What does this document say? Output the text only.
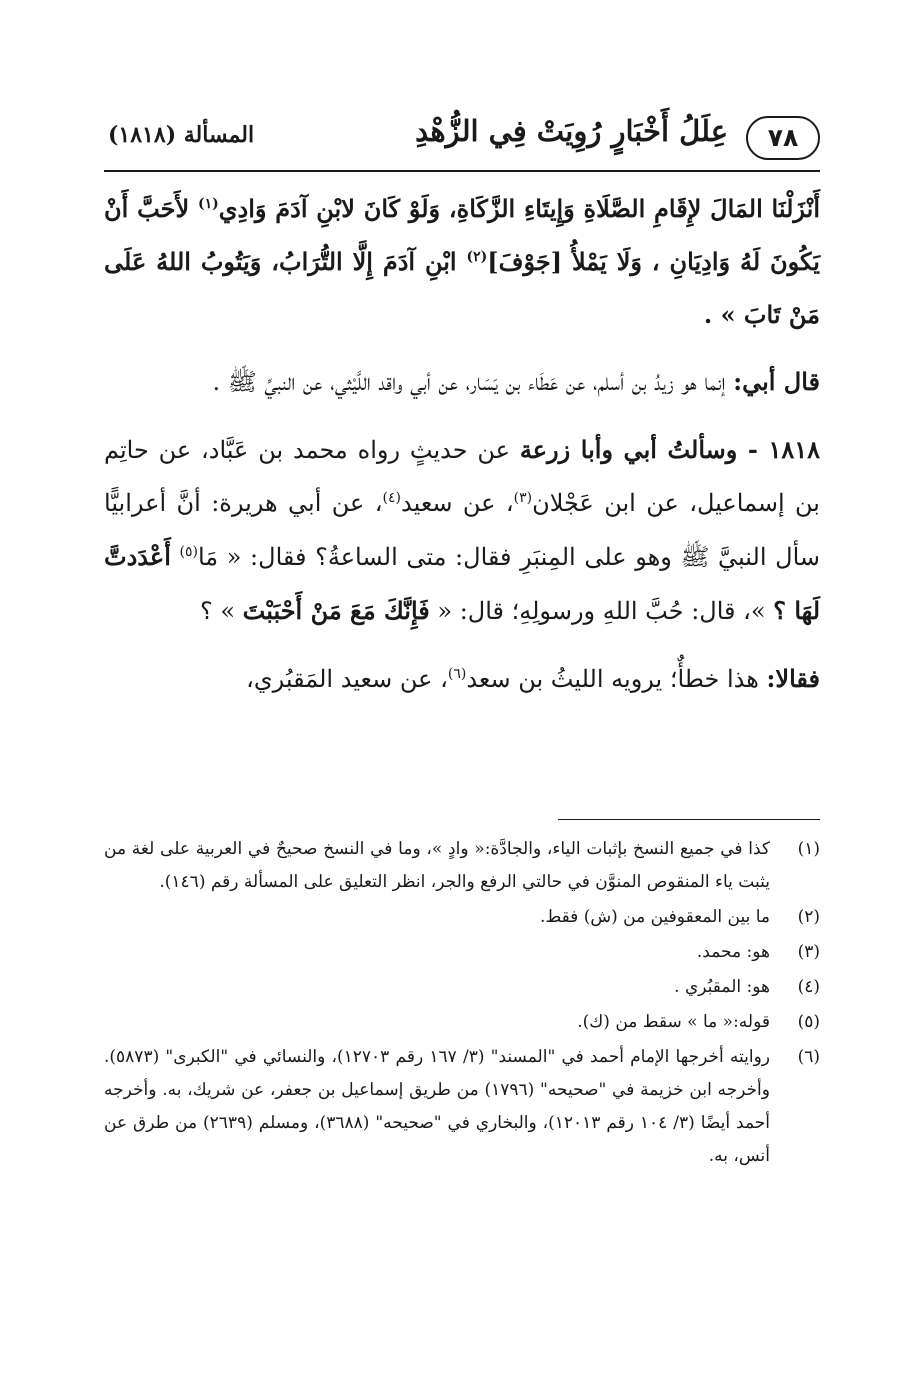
٧٨
عِلَلُ أَخْبَارٍ رُوِيَتْ فِي الزُّهْدِ
المسألة (١٨١٨)

أَنْزَلْنَا المَالَ لإِقَامِ الصَّلَاةِ وَإِيتَاءِ الزَّكَاةِ، وَلَوْ كَانَ لابْنِ آدَمَ وَادِي$^{(١)}$ لأَحَبَّ أَنْ يَكُونَ لَهُ وَادِيَانِ ، وَلَا يَمْلأُ [جَوْفَ]$^{(٢)}$ ابْنِ آدَمَ إِلَّا التُّرَابُ، وَيَتُوبُ اللهُ عَلَى مَنْ تَابَ » .

قال أبي: إنما هو زيدُ بن أسلم، عن عَطَاء بن يَسَار، عن أبي واقد اللَّيْثي، عن النبيِّ ﷺ .

١٨١٨ - وسألتُ أبي وأبا زرعة عن حديثٍ رواه محمد بن عَبَّاد، عن حاتِم بن إسماعيل، عن ابن عَجْلان$^{(٣)}$، عن سعيد$^{(٤)}$، عن أبي هريرة: أنَّ أعرابيًّا سأل النبيَّ ﷺ وهو على المِنبَرِ فقال: متى الساعةُ؟ فقال: « مَا$^{(٥)}$ أَعْدَدتَّ لَهَا ؟ »، قال: حُبَّ اللهِ ورسولِهِ؛ قال: « فَإِنَّكَ مَعَ مَنْ أَحْبَبْتَ » ؟

فقالا: هذا خطأٌ؛ يرويه الليثُ بن سعد$^{(٦)}$، عن سعيد المَقبُري،

(١)
كذا في جميع النسخ بإثبات الياء، والجادَّة:« وادٍ »، وما في النسخ صحيحٌ في العربية على لغة من يثبت ياء المنقوص المنوَّن في حالتي الرفع والجر، انظر التعليق على المسألة رقم (١٤٦).
(٢)
ما بين المعقوفين من (ش) فقط.
(٣)
هو: محمد.
(٤)
هو: المقبُري .
(٥)
قوله:« ما » سقط من (ك).
(٦)
روايته أخرجها الإمام أحمد في "المسند" (٣/ ١٦٧ رقم ١٢٧٠٣)، والنسائي في "الكبرى" (٥٨٧٣). وأخرجه ابن خزيمة في "صحيحه" (١٧٩٦) من طريق إسماعيل بن جعفر، عن شريك، به. وأخرجه أحمد أيضًا (٣/ ١٠٤ رقم ١٢٠١٣)، والبخاري في "صحيحه" (٣٦٨٨)، ومسلم (٢٦٣٩) من طرق عن أنس، به.
